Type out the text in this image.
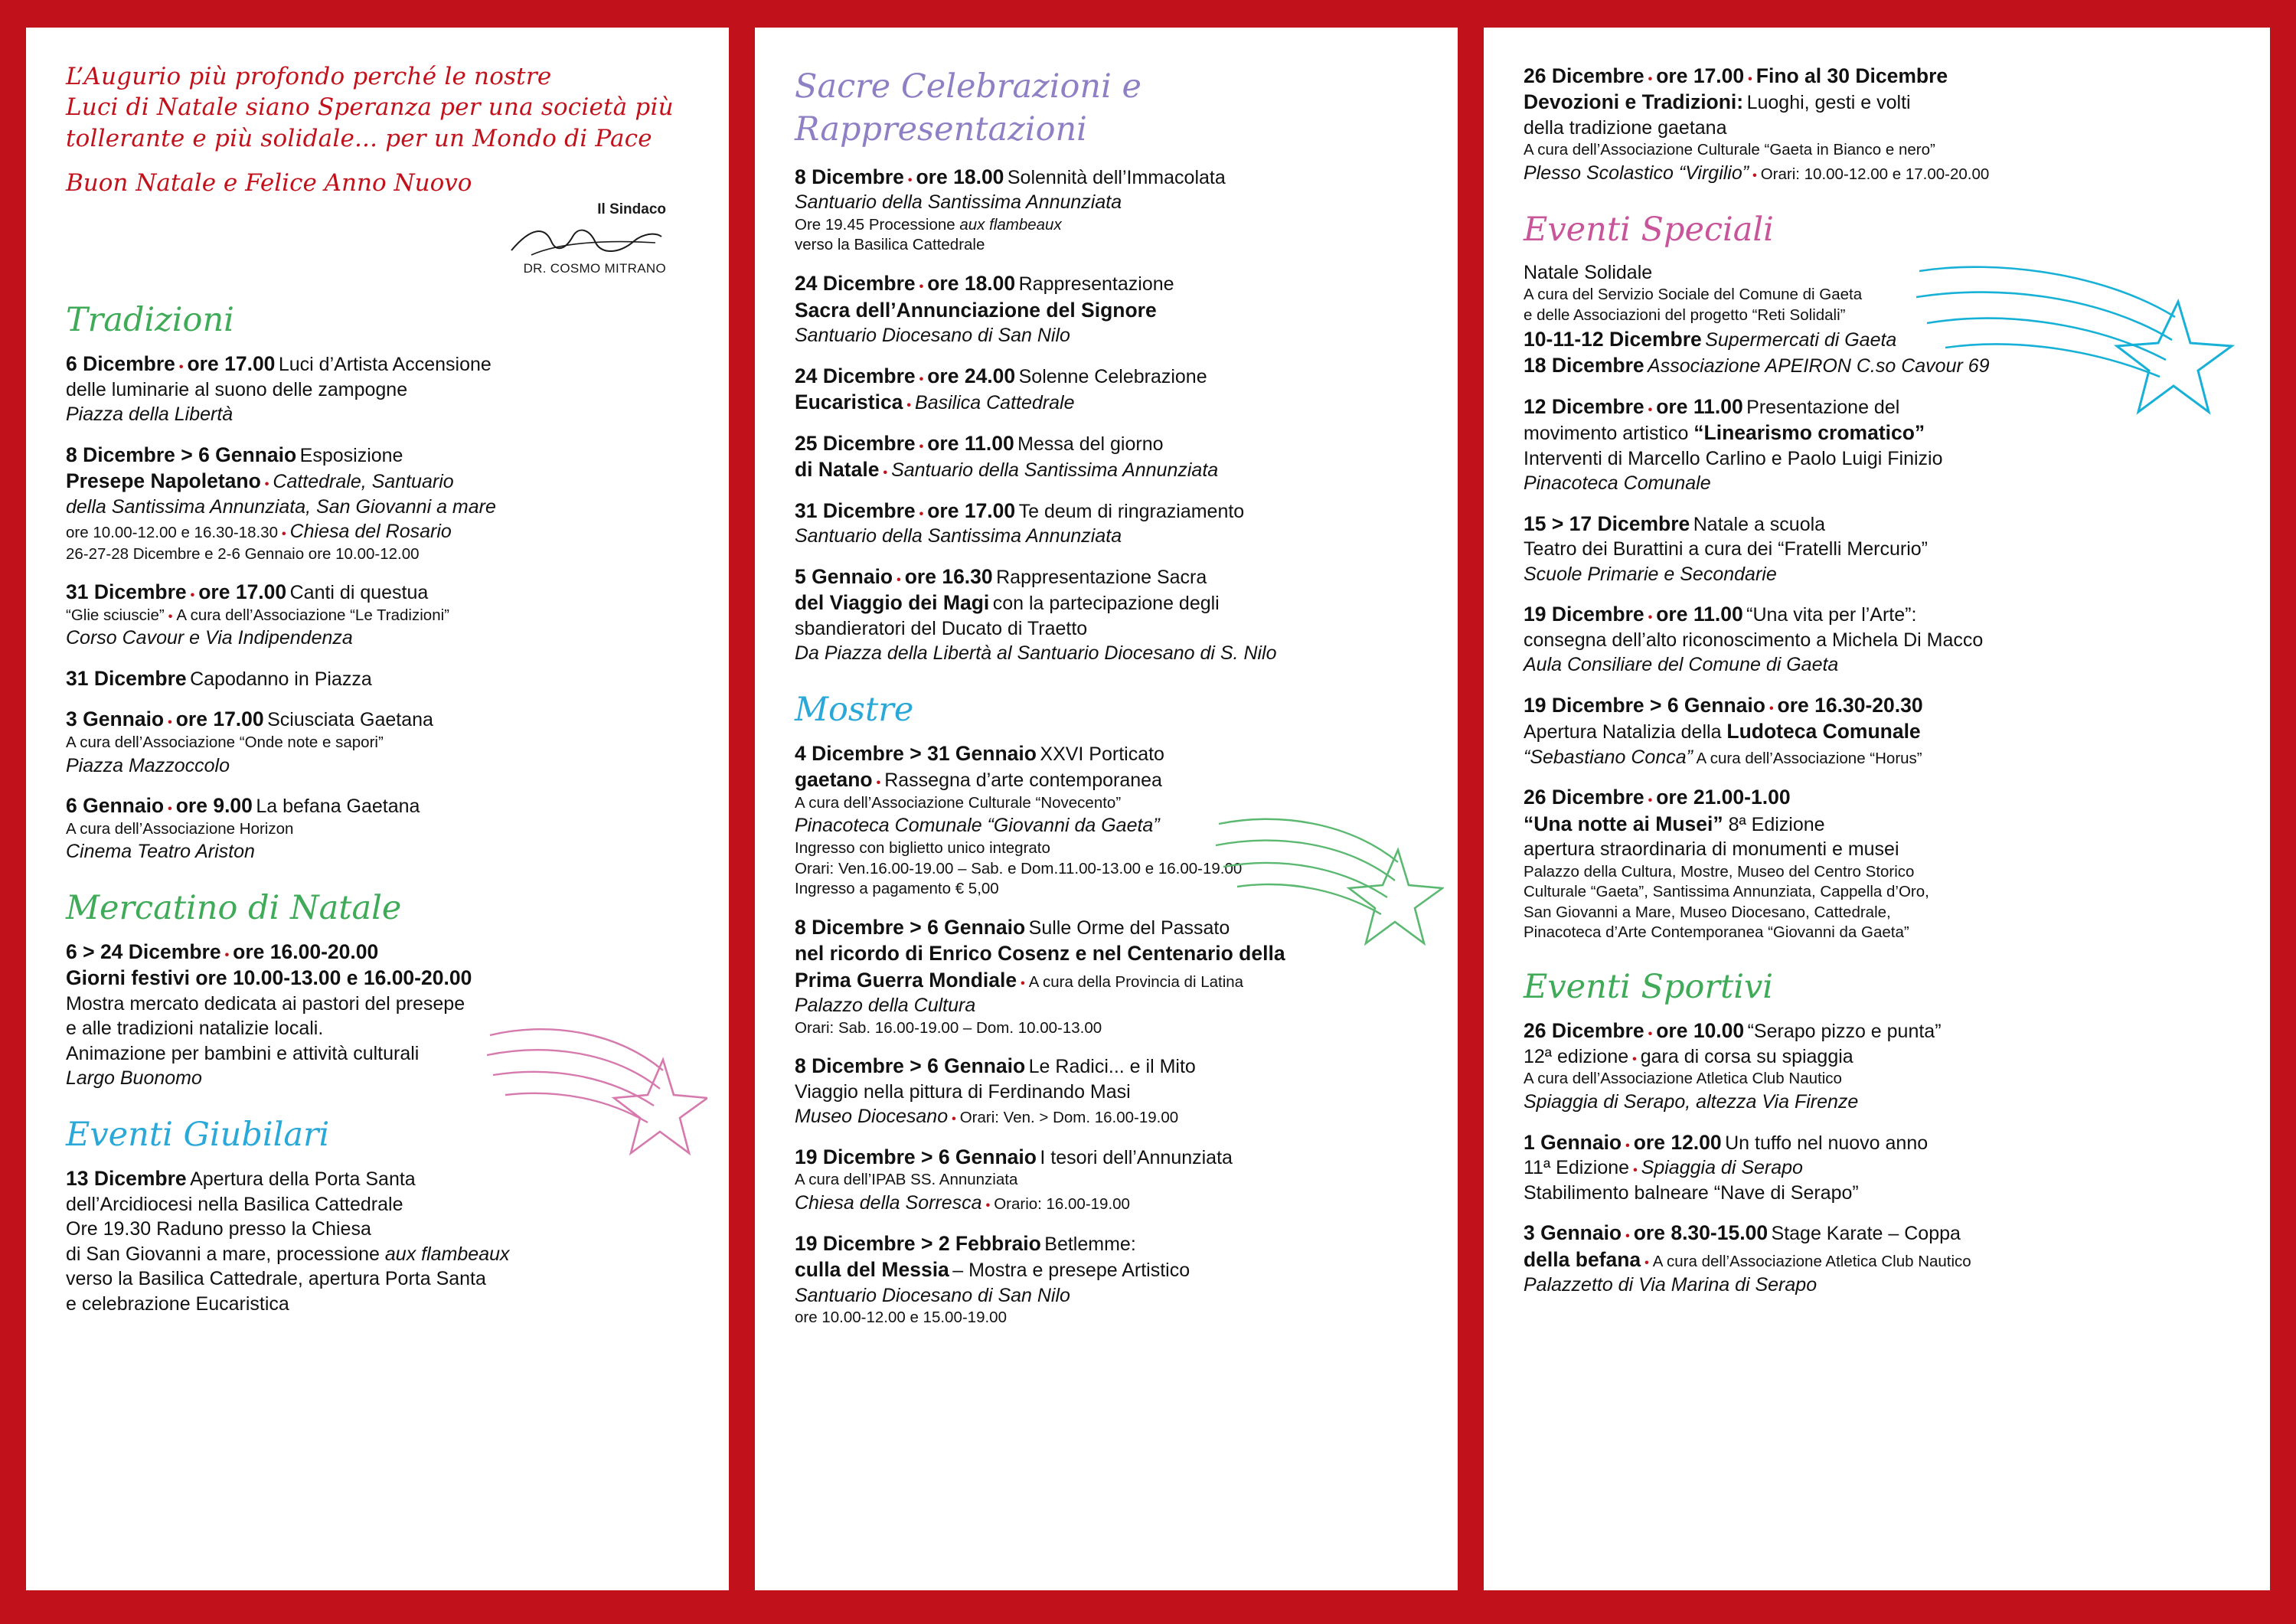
L’Augurio più profondo perché le nostre
Luci di Natale siano Speranza per una società più
tollerante e più solidale... per un Mondo di Pace
Buon Natale e Felice Anno Nuovo
Il Sindaco
DR. COSMO MITRANO
Tradizioni
6 Dicembre • ore 17.00 Luci d’Artista Accensione
delle luminarie al suono delle zampogne
Piazza della Libertà
8 Dicembre > 6 Gennaio Esposizione
Presepe Napoletano • Cattedrale, Santuario
della Santissima Annunziata, San Giovanni a mare
ore 10.00-12.00 e 16.30-18.30 • Chiesa del Rosario
26-27-28 Dicembre e 2-6 Gennaio ore 10.00-12.00
31 Dicembre • ore 17.00 Canti di questua
“Glie sciuscie” • A cura dell’Associazione “Le Tradizioni”
Corso Cavour e Via Indipendenza
31 Dicembre Capodanno in Piazza
3 Gennaio • ore 17.00 Sciusciata Gaetana
A cura dell’Associazione “Onde note e sapori”
Piazza Mazzoccolo
6 Gennaio • ore 9.00 La befana Gaetana
A cura dell’Associazione Horizon
Cinema Teatro Ariston
Mercatino di Natale
6 > 24 Dicembre • ore 16.00-20.00
Giorni festivi ore 10.00-13.00 e 16.00-20.00
Mostra mercato dedicata ai pastori del presepe
e alle tradizioni natalizie locali.
Animazione per bambini e attività culturali
Largo Buonomo
Eventi Giubilari
13 Dicembre Apertura della Porta Santa
dell’Arcidiocesi nella Basilica Cattedrale
Ore 19.30 Raduno presso la Chiesa
di San Giovanni a mare, processione aux flambeaux
verso la Basilica Cattedrale, apertura Porta Santa
e celebrazione Eucaristica
Sacre Celebrazioni e
Rappresentazioni
8 Dicembre • ore 18.00 Solennità dell’Immacolata
Santuario della Santissima Annunziata
Ore 19.45 Processione aux flambeaux
verso la Basilica Cattedrale
24 Dicembre • ore 18.00 Rappresentazione
Sacra dell’Annunciazione del Signore
Santuario Diocesano di San Nilo
24 Dicembre • ore 24.00 Solenne Celebrazione
Eucaristica • Basilica Cattedrale
25 Dicembre • ore 11.00 Messa del giorno
di Natale • Santuario della Santissima Annunziata
31 Dicembre • ore 17.00 Te deum di ringraziamento
Santuario della Santissima Annunziata
5 Gennaio • ore 16.30 Rappresentazione Sacra
del Viaggio dei Magi con la partecipazione degli
sbandieratori del Ducato di Traetto
Da Piazza della Libertà al Santuario Diocesano di S. Nilo
Mostre
4 Dicembre > 31 Gennaio XXVI Porticato
gaetano • Rassegna d’arte contemporanea
A cura dell’Associazione Culturale “Novecento”
Pinacoteca Comunale “Giovanni da Gaeta”
Ingresso con biglietto unico integrato
Orari: Ven.16.00-19.00 – Sab. e Dom.11.00-13.00 e 16.00-19.00
Ingresso a pagamento € 5,00
8 Dicembre > 6 Gennaio Sulle Orme del Passato
nel ricordo di Enrico Cosenz e nel Centenario della
Prima Guerra Mondiale • A cura della Provincia di Latina
Palazzo della Cultura
Orari: Sab. 16.00-19.00 – Dom. 10.00-13.00
8 Dicembre > 6 Gennaio Le Radici... e il Mito
Viaggio nella pittura di Ferdinando Masi
Museo Diocesano • Orari: Ven. > Dom. 16.00-19.00
19 Dicembre > 6 Gennaio I tesori dell’Annunziata
A cura dell’IPAB SS. Annunziata
Chiesa della Sorresca • Orario: 16.00-19.00
19 Dicembre > 2 Febbraio Betlemme:
culla del Messia – Mostra e presepe Artistico
Santuario Diocesano di San Nilo
ore 10.00-12.00 e 15.00-19.00
26 Dicembre • ore 17.00 • Fino al 30 Dicembre
Devozioni e Tradizioni: Luoghi, gesti e volti
della tradizione gaetana
A cura dell’Associazione Culturale “Gaeta in Bianco e nero”
Plesso Scolastico “Virgilio” • Orari: 10.00-12.00 e 17.00-20.00
Eventi Speciali
Natale Solidale
A cura del Servizio Sociale del Comune di Gaeta
e delle Associazioni del progetto “Reti Solidali”
10-11-12 Dicembre Supermercati di Gaeta
18 Dicembre Associazione APEIRON C.so Cavour 69
12 Dicembre • ore 11.00 Presentazione del
movimento artistico “Linearismo cromatico”
Interventi di Marcello Carlino e Paolo Luigi Finizio
Pinacoteca Comunale
15 > 17 Dicembre Natale a scuola
Teatro dei Burattini a cura dei “Fratelli Mercurio”
Scuole Primarie e Secondarie
19 Dicembre • ore 11.00 “Una vita per l’Arte”:
consegna dell’alto riconoscimento a Michela Di Macco
Aula Consiliare del Comune di Gaeta
19 Dicembre > 6 Gennaio • ore 16.30-20.30
Apertura Natalizia della Ludoteca Comunale
“Sebastiano Conca” A cura dell’Associazione “Horus”
26 Dicembre • ore 21.00-1.00
“Una notte ai Musei” 8ª Edizione
apertura straordinaria di monumenti e musei
Palazzo della Cultura, Mostre, Museo del Centro Storico
Culturale “Gaeta”, Santissima Annunziata, Cappella d’Oro,
San Giovanni a Mare, Museo Diocesano, Cattedrale,
Pinacoteca d’Arte Contemporanea “Giovanni da Gaeta”
Eventi Sportivi
26 Dicembre • ore 10.00 “Serapo pizzo e punta”
12ª edizione • gara di corsa su spiaggia
A cura dell’Associazione Atletica Club Nautico
Spiaggia di Serapo, altezza Via Firenze
1 Gennaio • ore 12.00 Un tuffo nel nuovo anno
11ª Edizione • Spiaggia di Serapo
Stabilimento balneare “Nave di Serapo”
3 Gennaio • ore 8.30-15.00 Stage Karate – Coppa
della befana • A cura dell’Associazione Atletica Club Nautico
Palazzetto di Via Marina di Serapo
